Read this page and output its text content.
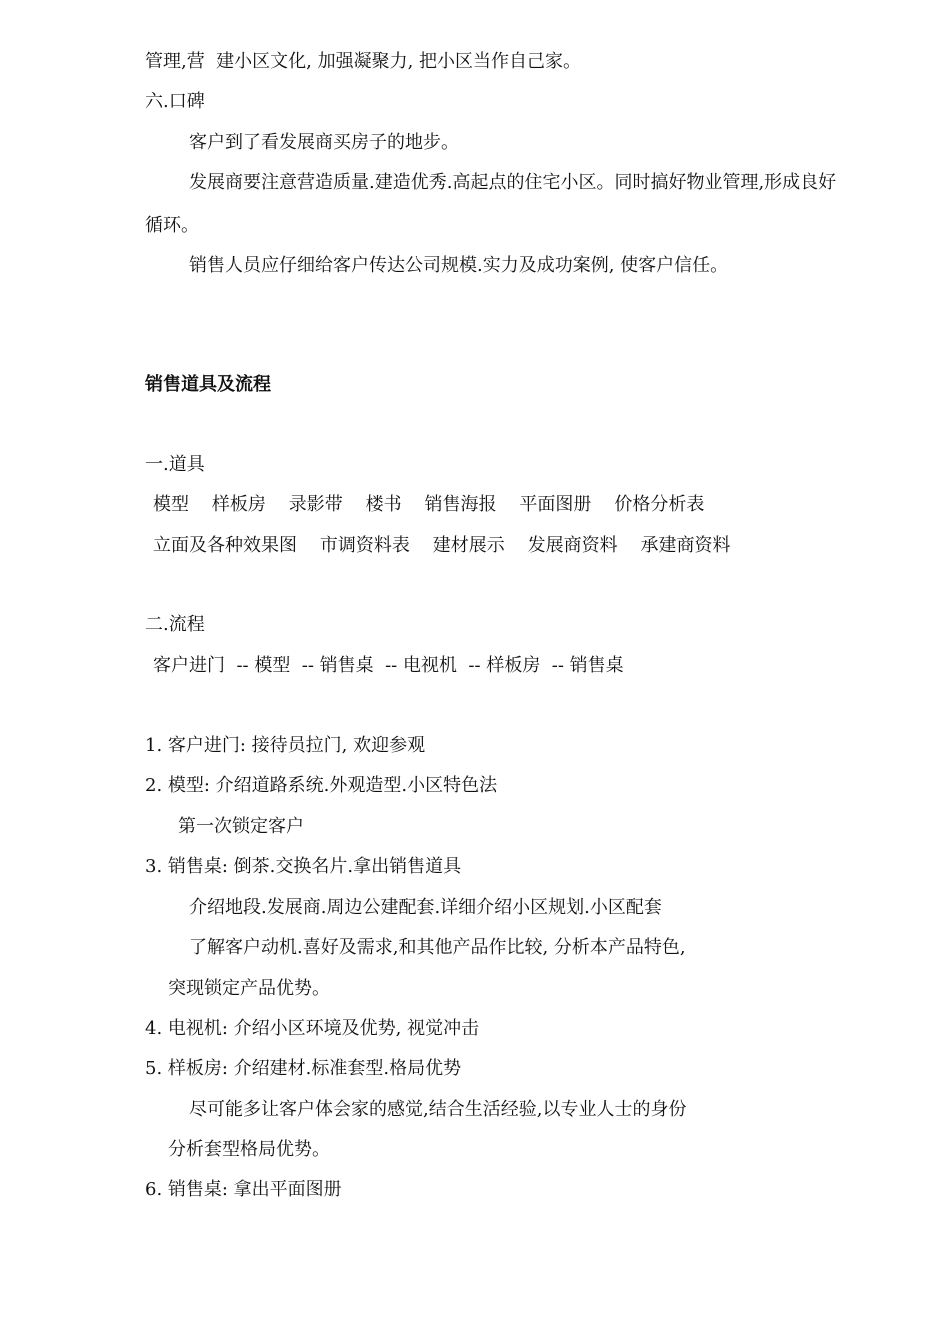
管理,营  建小区文化, 加强凝聚力, 把小区当作自己家。
六.口碑
客户到了看发展商买房子的地步。
发展商要注意营造质量.建造优秀.高起点的住宅小区。同时搞好物业管理,形成良好
循环。
销售人员应仔细给客户传达公司规模.实力及成功案例, 使客户信任。
销售道具及流程
一.道具
模型    样板房    录影带    楼书    销售海报    平面图册    价格分析表
立面及各种效果图    市调资料表    建材展示    发展商资料    承建商资料
二.流程
客户进门  -- 模型  -- 销售桌  -- 电视机  -- 样板房  -- 销售桌
1. 客户进门: 接待员拉门, 欢迎参观
2. 模型: 介绍道路系统.外观造型.小区特色法
第一次锁定客户
3. 销售桌: 倒茶.交换名片.拿出销售道具
介绍地段.发展商.周边公建配套.详细介绍小区规划.小区配套
了解客户动机.喜好及需求,和其他产品作比较, 分析本产品特色,
突现锁定产品优势。
4. 电视机: 介绍小区环境及优势, 视觉冲击
5. 样板房: 介绍建材.标准套型.格局优势
尽可能多让客户体会家的感觉,结合生活经验,以专业人士的身份
分析套型格局优势。
6. 销售桌: 拿出平面图册
